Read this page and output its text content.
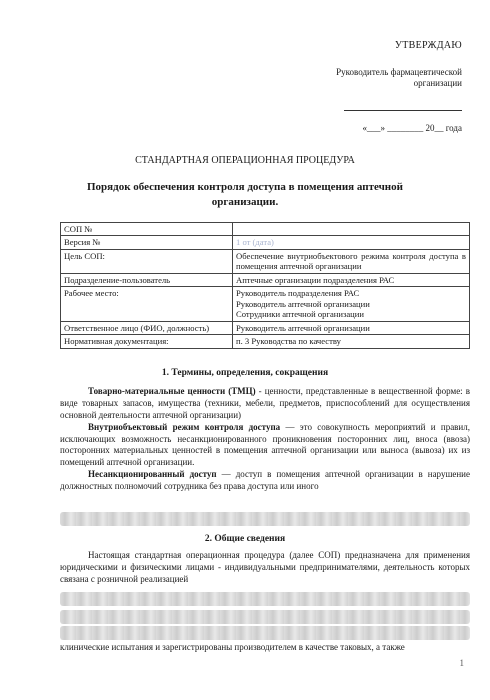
УТВЕРЖДАЮ
Руководитель фармацевтической
организации
«___» ________ 20__ года
СТАНДАРТНАЯ ОПЕРАЦИОННАЯ ПРОЦЕДУРА
Порядок обеспечения контроля доступа в помещения аптечной
организации.
СОП №	
Версия №	1 от (дата)
Цель СОП:	Обеспечение внутриобъектового режима контроля доступа в помещения аптечной организации
Подразделение-пользователь	Аптечные организации подразделения РАС
Рабочее место:	Руководитель подразделения РАС
Руководитель аптечной организации
Сотрудники аптечной организации

Ответственное лицо (ФИО, должность)	Руководитель аптечной организации
Нормативная документация:	п. 3 Руководства по качеству
1. Термины, определения, сокращения

Товарно-материальные ценности (ТМЦ) - ценности, представленные в вещественной форме: в виде товарных запасов, имущества (техники, мебели, предметов, приспособлений для осуществления основной деятельности аптечной организации)

Внутриобъектовый режим контроля доступа — это совокупность мероприятий и правил, исключающих возможность несанкционированного проникновения посторонних лиц, вноса (ввоза) посторонних материальных ценностей в помещения аптечной организации или выноса (вывоза) их из помещений аптечной организации.

Несанкционированный доступ — доступ в помещения аптечной организации в нарушение должностных полномочий сотрудника без права доступа или иного

2. Общие сведения

Настоящая стандартная операционная процедура (далее СОП) предназначена для применения юридическими и физическими лицами - индивидуальными предпринимателями, деятельность которых связана с розничной реализацией

клинические испытания и зарегистрированы производителем в качестве таковых, а также
1
